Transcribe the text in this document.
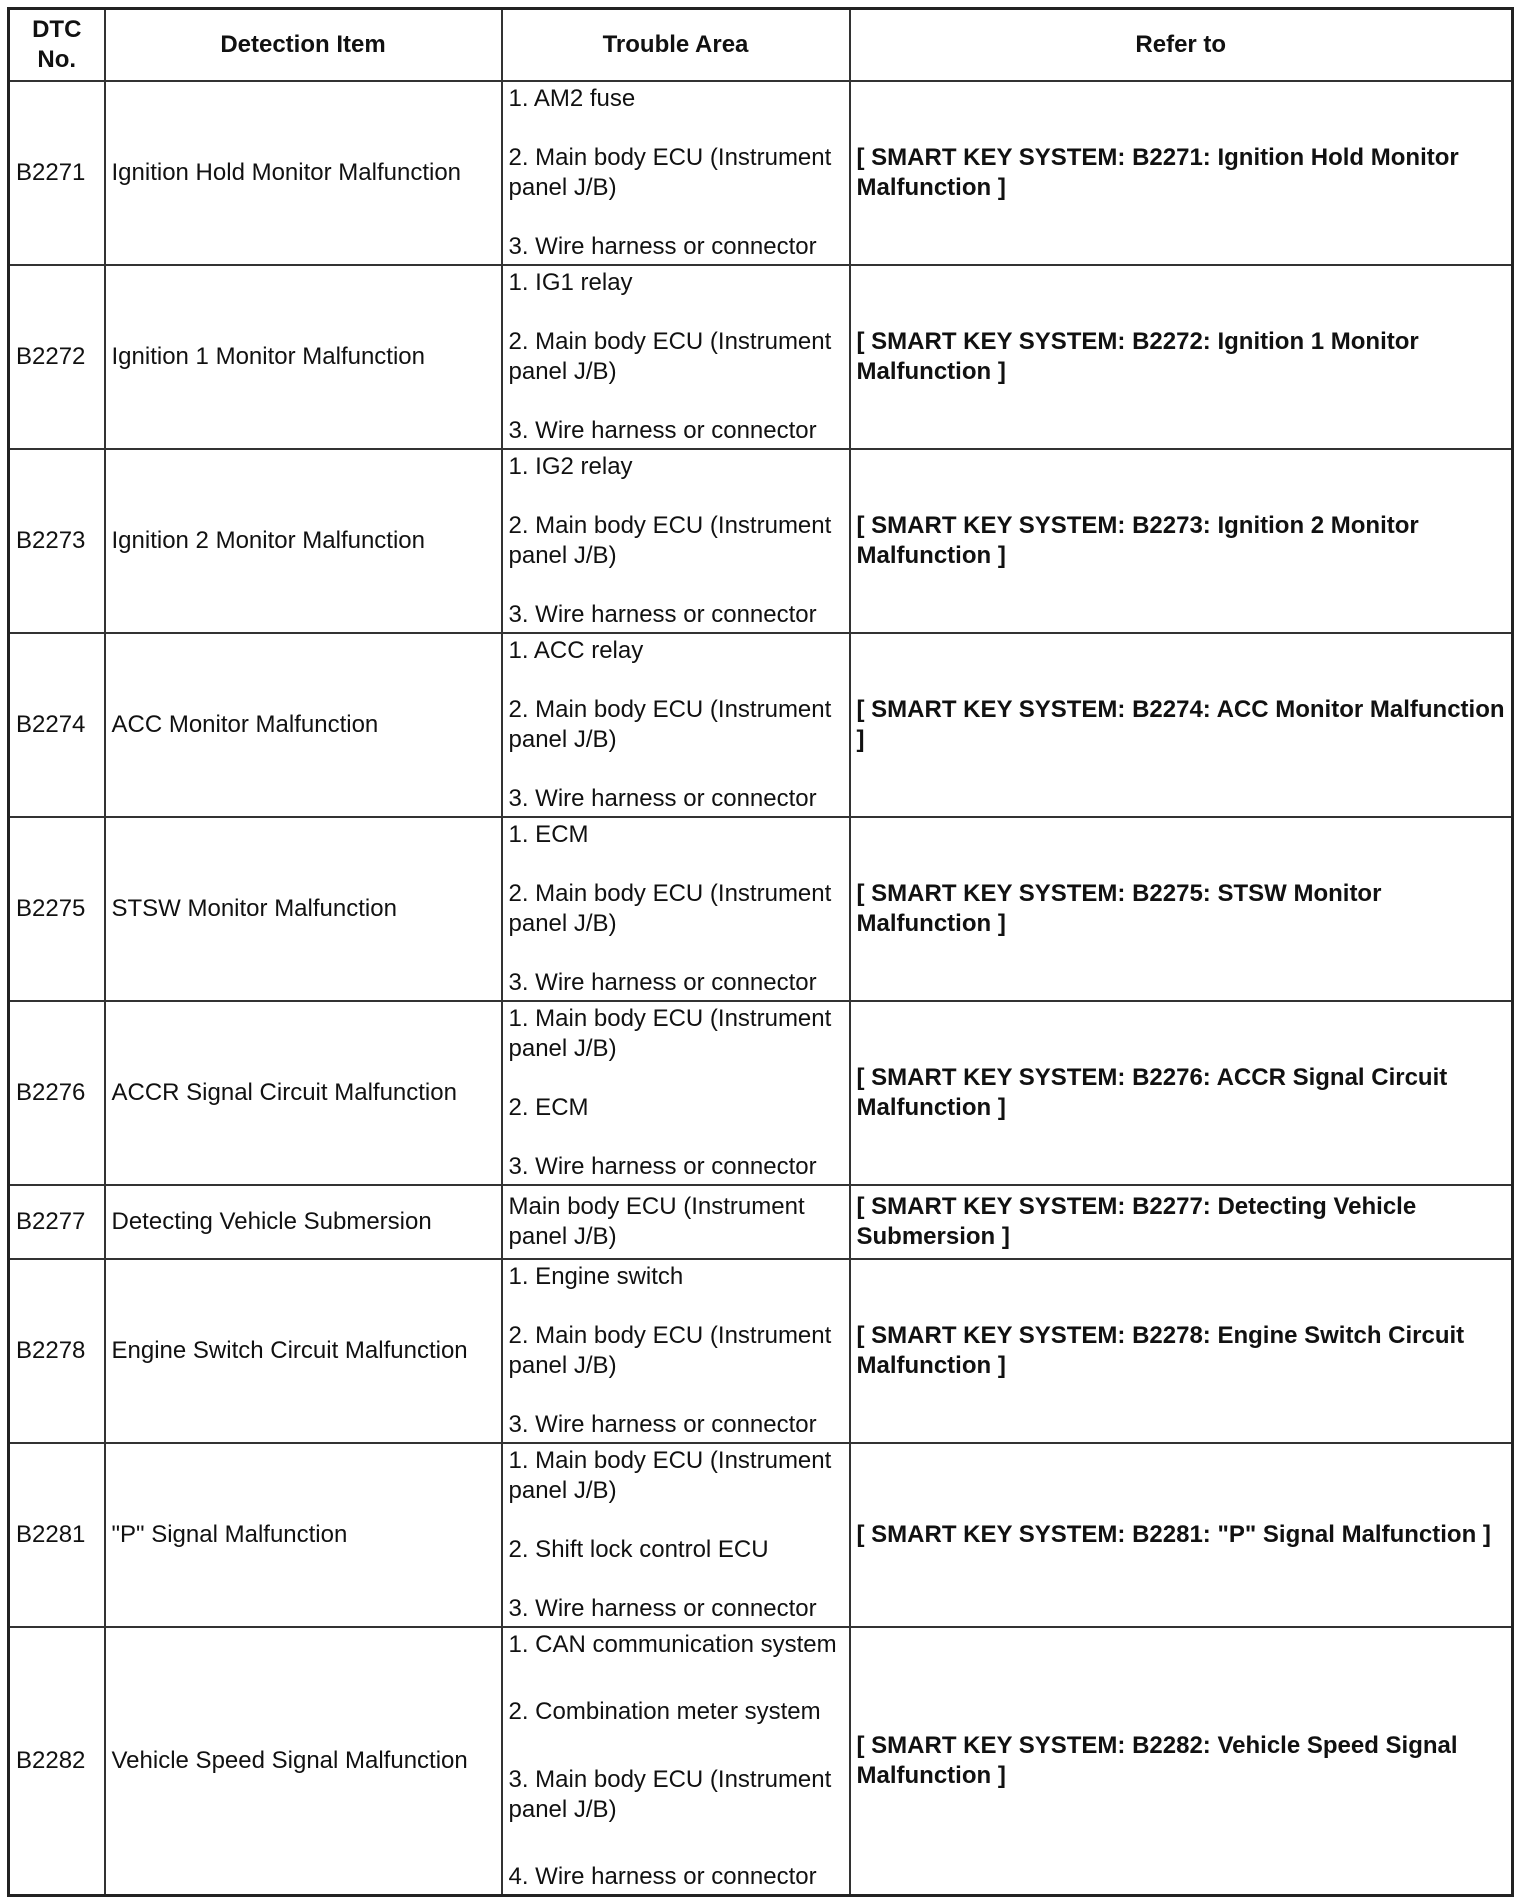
DTC No.	Detection Item	Trouble Area	Refer to
B2271	Ignition Hold Monitor Malfunction	1. AM2 fuse
2. Main body ECU (Instrument panel J/B)
3. Wire harness or connector	[ SMART KEY SYSTEM: B2271: Ignition Hold Monitor Malfunction ]
B2272	Ignition 1 Monitor Malfunction	1. IG1 relay
2. Main body ECU (Instrument panel J/B)
3. Wire harness or connector	[ SMART KEY SYSTEM: B2272: Ignition 1 Monitor Malfunction ]
B2273	Ignition 2 Monitor Malfunction	1. IG2 relay
2. Main body ECU (Instrument panel J/B)
3. Wire harness or connector	[ SMART KEY SYSTEM: B2273: Ignition 2 Monitor Malfunction ]
B2274	ACC Monitor Malfunction	1. ACC relay
2. Main body ECU (Instrument panel J/B)
3. Wire harness or connector	[ SMART KEY SYSTEM: B2274: ACC Monitor Malfunction ]
B2275	STSW Monitor Malfunction	1. ECM
2. Main body ECU (Instrument panel J/B)
3. Wire harness or connector	[ SMART KEY SYSTEM: B2275: STSW Monitor Malfunction ]
B2276	ACCR Signal Circuit Malfunction	1. Main body ECU (Instrument panel J/B)
2. ECM
3. Wire harness or connector	[ SMART KEY SYSTEM: B2276: ACCR Signal Circuit Malfunction ]
B2277	Detecting Vehicle Submersion	Main body ECU (Instrument panel J/B)	[ SMART KEY SYSTEM: B2277: Detecting Vehicle Submersion ]
B2278	Engine Switch Circuit Malfunction	1. Engine switch
2. Main body ECU (Instrument panel J/B)
3. Wire harness or connector	[ SMART KEY SYSTEM: B2278: Engine Switch Circuit Malfunction ]
B2281	"P" Signal Malfunction	1. Main body ECU (Instrument panel J/B)
2. Shift lock control ECU
3. Wire harness or connector	[ SMART KEY SYSTEM: B2281: "P" Signal Malfunction ]
B2282	Vehicle Speed Signal Malfunction	1. CAN communication system
2. Combination meter system
3. Main body ECU (Instrument panel J/B)
4. Wire harness or connector	[ SMART KEY SYSTEM: B2282: Vehicle Speed Signal Malfunction ]
